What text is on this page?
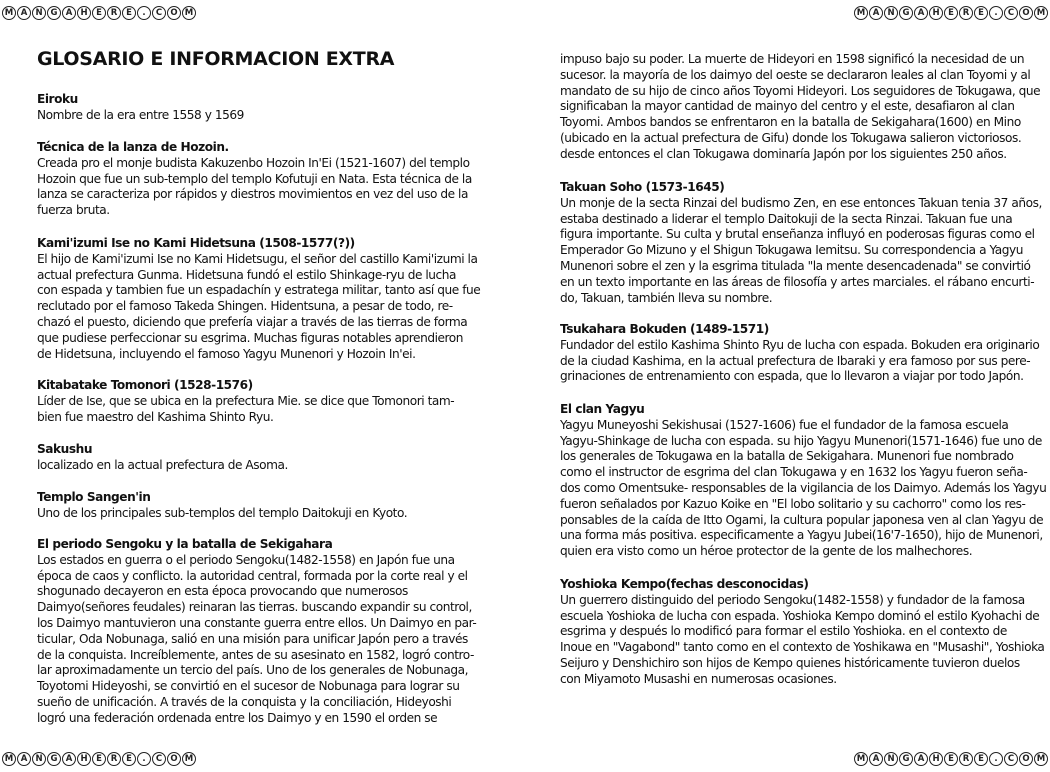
M A N G A H	E	R	E	.	C O M	M A N G A H	E	R	E	.	C O M
M A N G A H	E	R	E	.	C O M	M A N G A H	E	R	E	.	C O M
GLOSARIO E INFORMACION EXTRA
Eiroku
Nombre de la era entre 1558 y 1569
Técnica de la lanza de Hozoin.
Creada pro el monje budista Kakuzenbo Hozoin In'Ei (1521-1607) del templo
Hozoin que fue un sub-templo del templo Kofutuji en Nata. Esta técnica de la
lanza se caracteriza por rápidos y diestros movimientos en vez del uso de la
fuerza bruta.
Kami'izumi Ise no Kami Hidetsuna (1508-1577(?))
El hijo de Kami'izumi Ise no Kami Hidetsugu, el señor del castillo Kami'izumi la
actual prefectura Gunma. Hidetsuna fundó el estilo Shinkage-ryu de lucha
con espada y tambien fue un espadachín y estratega militar, tanto así que fue
reclutado por el famoso Takeda Shingen. Hidentsuna, a pesar de todo, re-
chazó el puesto, diciendo que prefería viajar a través de las tierras de forma
que pudiese perfeccionar su esgrima. Muchas figuras notables aprendieron
de Hidetsuna, incluyendo el famoso Yagyu Munenori y Hozoin In'ei.
Kitabatake Tomonori (1528-1576)
Líder de Ise, que se ubica en la prefectura Mie. se dice que Tomonori tam-
bien fue maestro del Kashima Shinto Ryu.
Sakushu
localizado en la actual prefectura de Asoma.
Templo Sangen'in
Uno de los principales sub-templos del templo Daitokuji en Kyoto.
El periodo Sengoku y la batalla de Sekigahara
Los estados en guerra o el periodo Sengoku(1482-1558) en Japón fue una
época de caos y conflicto. la autoridad central, formada por la corte real y el
shogunado decayeron en esta época provocando que numerosos
Daimyo(señores feudales) reinaran las tierras. buscando expandir su control,
los Daimyo mantuvieron una constante guerra entre ellos. Un Daimyo en par-
ticular, Oda Nobunaga, salió en una misión para unificar Japón pero a través
de la conquista. Increíblemente, antes de su asesinato en 1582, logró contro-
lar aproximadamente un tercio del país. Uno de los generales de Nobunaga,
Toyotomi Hideyoshi, se convirtió en el sucesor de Nobunaga para lograr su
sueño de unificación. A través de la conquista y la conciliación, Hideyoshi
logró una federación ordenada entre los Daimyo y en 1590 el orden se
impuso bajo su poder. La muerte de Hideyori en 1598 significó la necesidad de un
sucesor. la mayoría de los daimyo del oeste se declararon leales al clan Toyomi y al
mandato de su hijo de cinco años Toyomi Hideyori. Los seguidores de Tokugawa, que
significaban la mayor cantidad de mainyo del centro y el este, desafiaron al clan
Toyomi. Ambos bandos se enfrentaron en la batalla de Sekigahara(1600) en Mino
(ubicado en la actual prefectura de Gifu) donde los Tokugawa salieron victoriosos.
desde entonces el clan Tokugawa dominaría Japón por los siguientes 250 años.
Takuan Soho (1573-1645)
Un monje de la secta Rinzai del budismo Zen, en ese entonces Takuan tenia 37 años,
estaba destinado a liderar el templo Daitokuji de la secta Rinzai. Takuan fue una
figura importante. Su culta y brutal enseñanza influyó en poderosas figuras como el
Emperador Go Mizuno y el Shigun Tokugawa Iemitsu. Su correspondencia a Yagyu
Munenori sobre el zen y la esgrima titulada "la mente desencadenada" se convirtió
en un texto importante en las áreas de filosofía y artes marciales. el rábano encurti-
do, Takuan, también lleva su nombre.
Tsukahara Bokuden (1489-1571)
Fundador del estilo Kashima Shinto Ryu de lucha con espada. Bokuden era originario
de la ciudad Kashima, en la actual prefectura de Ibaraki y era famoso por sus pere-
grinaciones de entrenamiento con espada, que lo llevaron a viajar por todo Japón.
El clan Yagyu
Yagyu Muneyoshi Sekishusai (1527-1606) fue el fundador de la famosa escuela
Yagyu-Shinkage de lucha con espada. su hijo Yagyu Munenori(1571-1646) fue uno de
los generales de Tokugawa en la batalla de Sekigahara. Munenori fue nombrado
como el instructor de esgrima del clan Tokugawa y en 1632 los Yagyu fueron seña-
dos como Omentsuke- responsables de la vigilancia de los Daimyo. Además los Yagyu
fueron señalados por Kazuo Koike en "El lobo solitario y su cachorro" como los res-
ponsables de la caída de Itto Ogami, la cultura popular japonesa ven al clan Yagyu de
una forma más positiva. especificamente a Yagyu Jubei(16'7-1650), hijo de Munenori,
quien era visto como un héroe protector de la gente de los malhechores.
Yoshioka Kempo(fechas desconocidas)
Un guerrero distinguido del periodo Sengoku(1482-1558) y fundador de la famosa
escuela Yoshioka de lucha con espada. Yoshioka Kempo dominó el estilo Kyohachi de
esgrima y después lo modificó para formar el estilo Yoshioka. en el contexto de
Inoue en "Vagabond" tanto como en el contexto de Yoshikawa en "Musashi", Yoshioka
Seijuro y Denshichiro son hijos de Kempo quienes históricamente tuvieron duelos
con Miyamoto Musashi en numerosas ocasiones.
